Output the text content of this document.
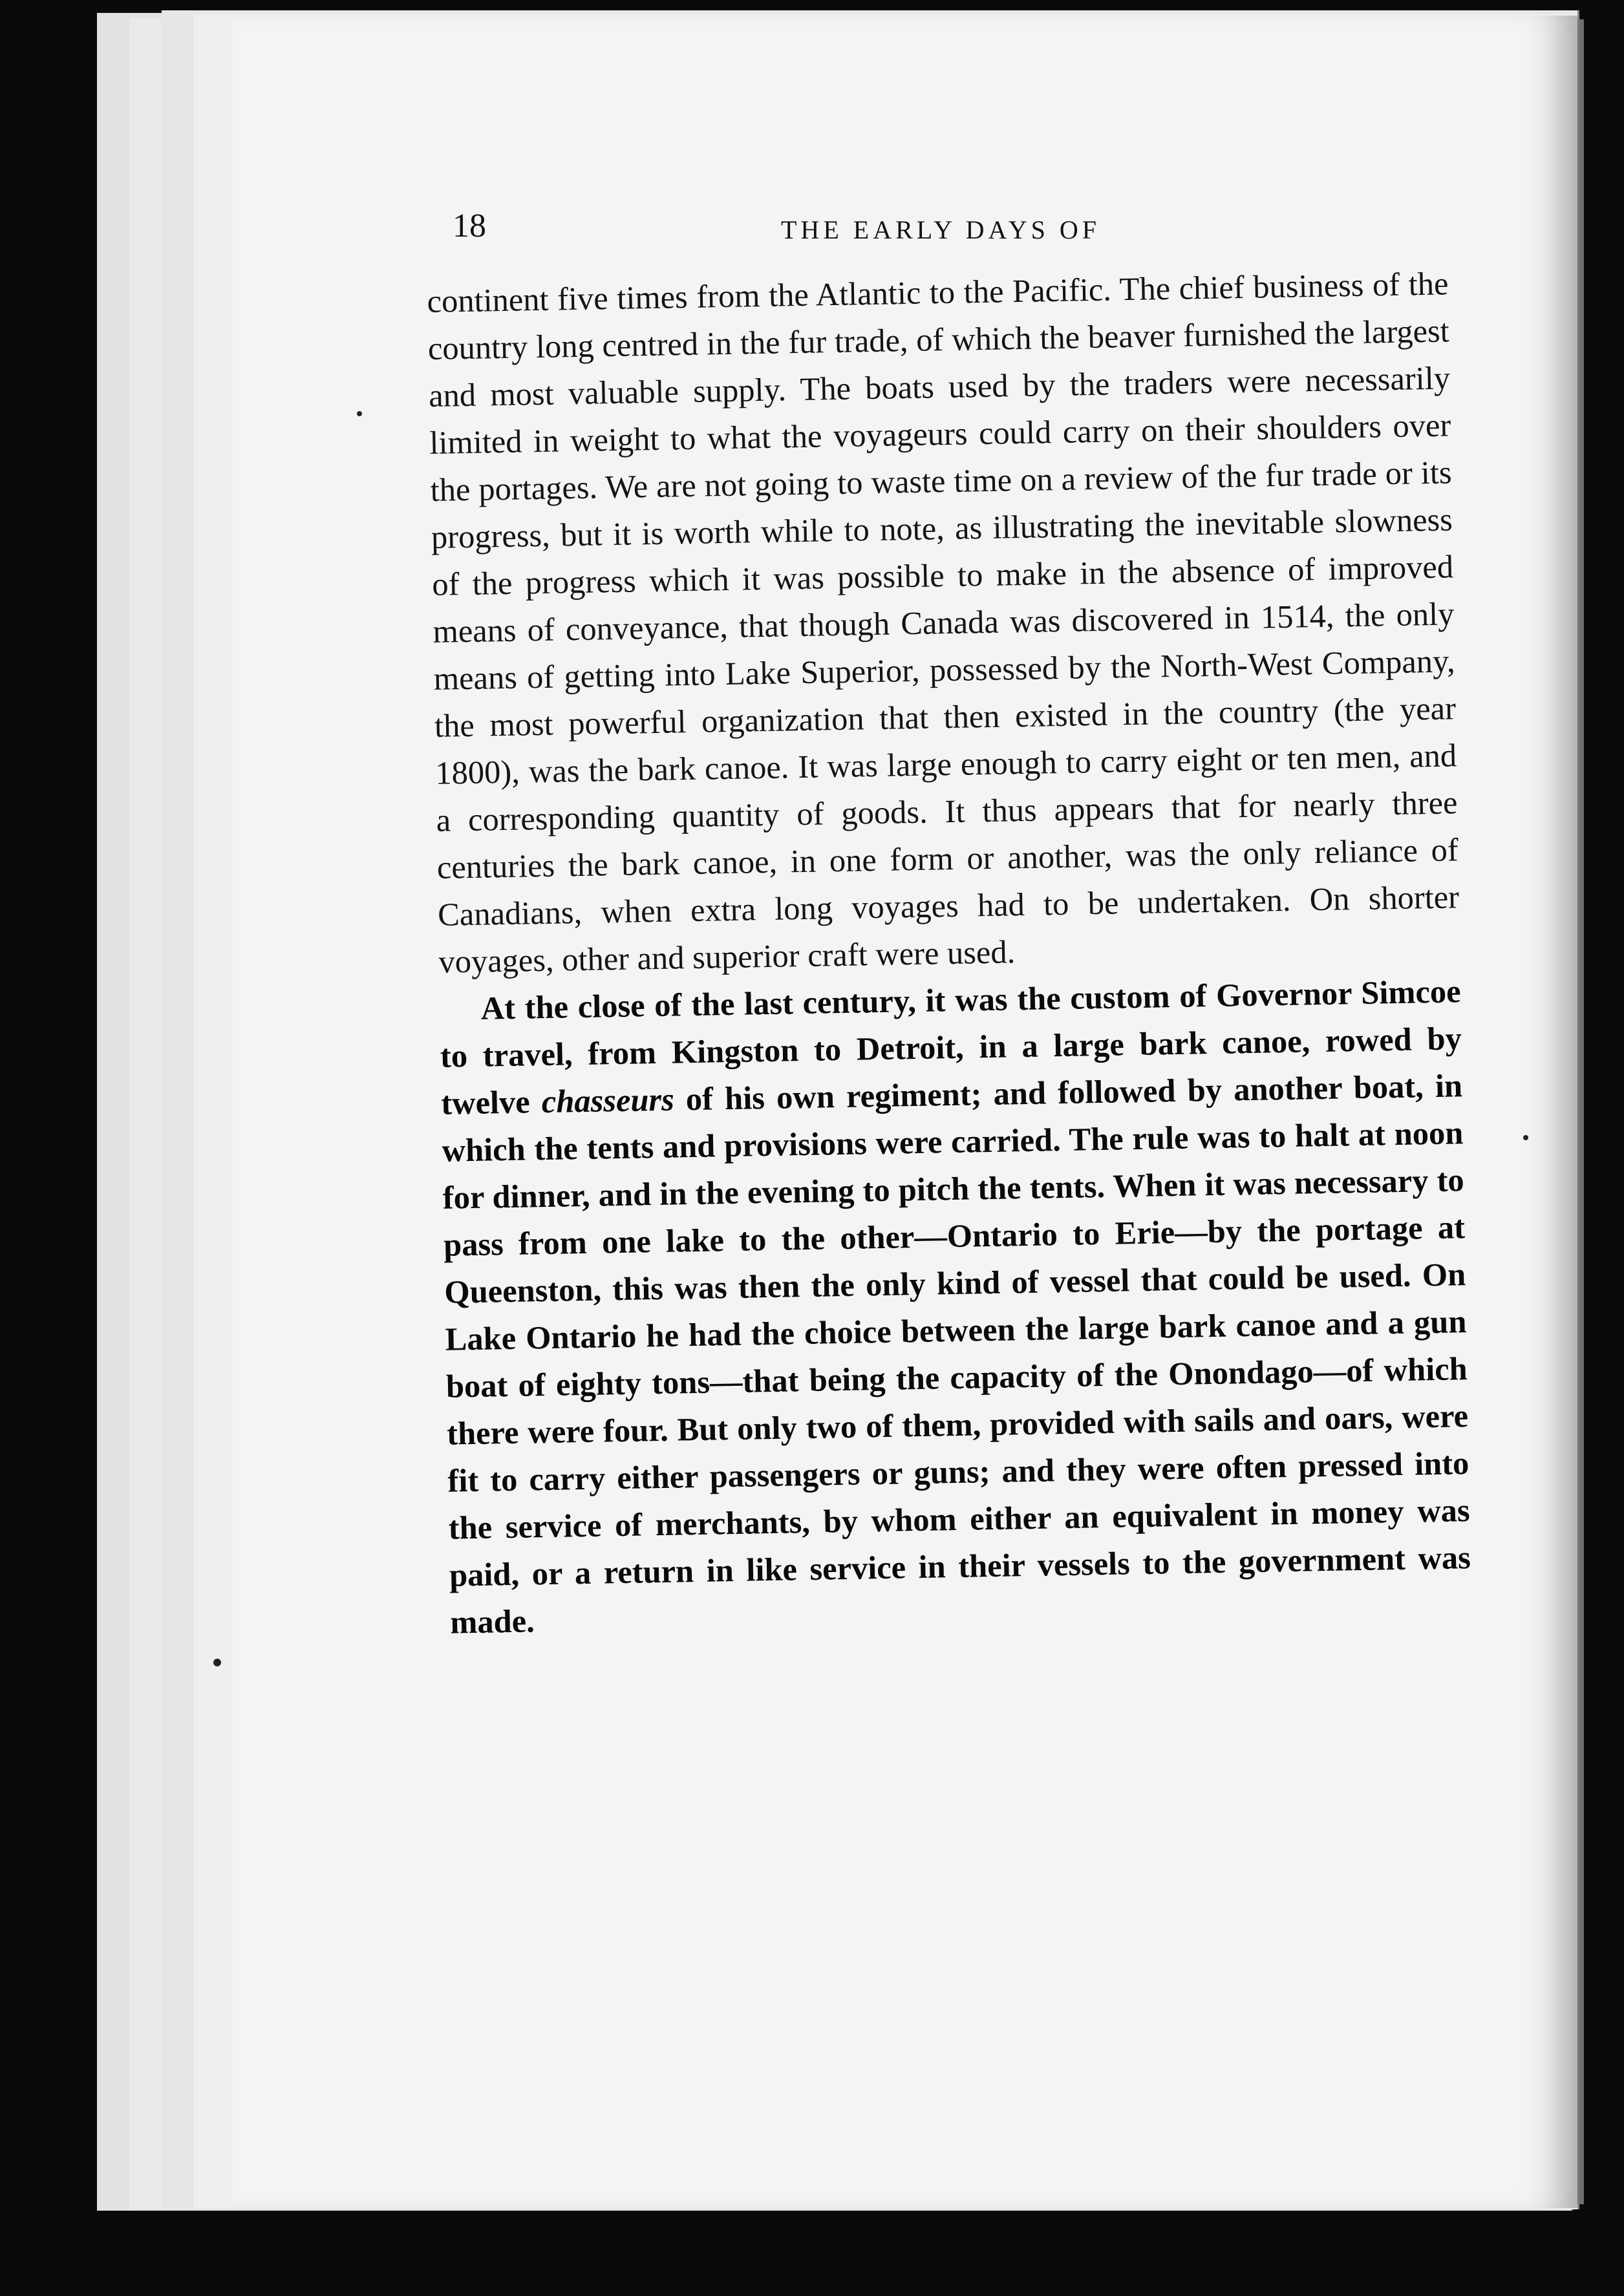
18	THE EARLY DAYS OF

continent five times from the Atlantic to the Pacific. The chief business of the country long centred in the fur trade, of which the beaver furnished the largest and most valuable supply. The boats used by the traders were necessarily limited in weight to what the voyageurs could carry on their shoulders over the portages. We are not going to waste time on a review of the fur trade or its progress, but it is worth while to note, as illustrating the inevitable slowness of the progress which it was possible to make in the absence of improved means of conveyance, that though Canada was discovered in 1514, the only means of getting into Lake Superior, possessed by the North-West Company, the most powerful organization that then existed in the country (the year 1800), was the bark canoe. It was large enough to carry eight or ten men, and a corresponding quantity of goods. It thus appears that for nearly three centuries the bark canoe, in one form or another, was the only reliance of Canadians, when extra long voyages had to be undertaken. On shorter voyages, other and superior craft were used.

At the close of the last century, it was the custom of Governor Simcoe to travel, from Kingston to Detroit, in a large bark canoe, rowed by twelve chasseurs of his own regiment; and followed by another boat, in which the tents and provisions were carried. The rule was to halt at noon for dinner, and in the evening to pitch the tents. When it was necessary to pass from one lake to the other—Ontario to Erie—by the portage at Queenston, this was then the only kind of vessel that could be used. On Lake Ontario he had the choice between the large bark canoe and a gun boat of eighty tons—that being the capacity of the Onondago—of which there were four. But only two of them, provided with sails and oars, were fit to carry either passengers or guns; and they were often pressed into the service of merchants, by whom either an equivalent in money was paid, or a return in like service in their vessels to the government was made.
